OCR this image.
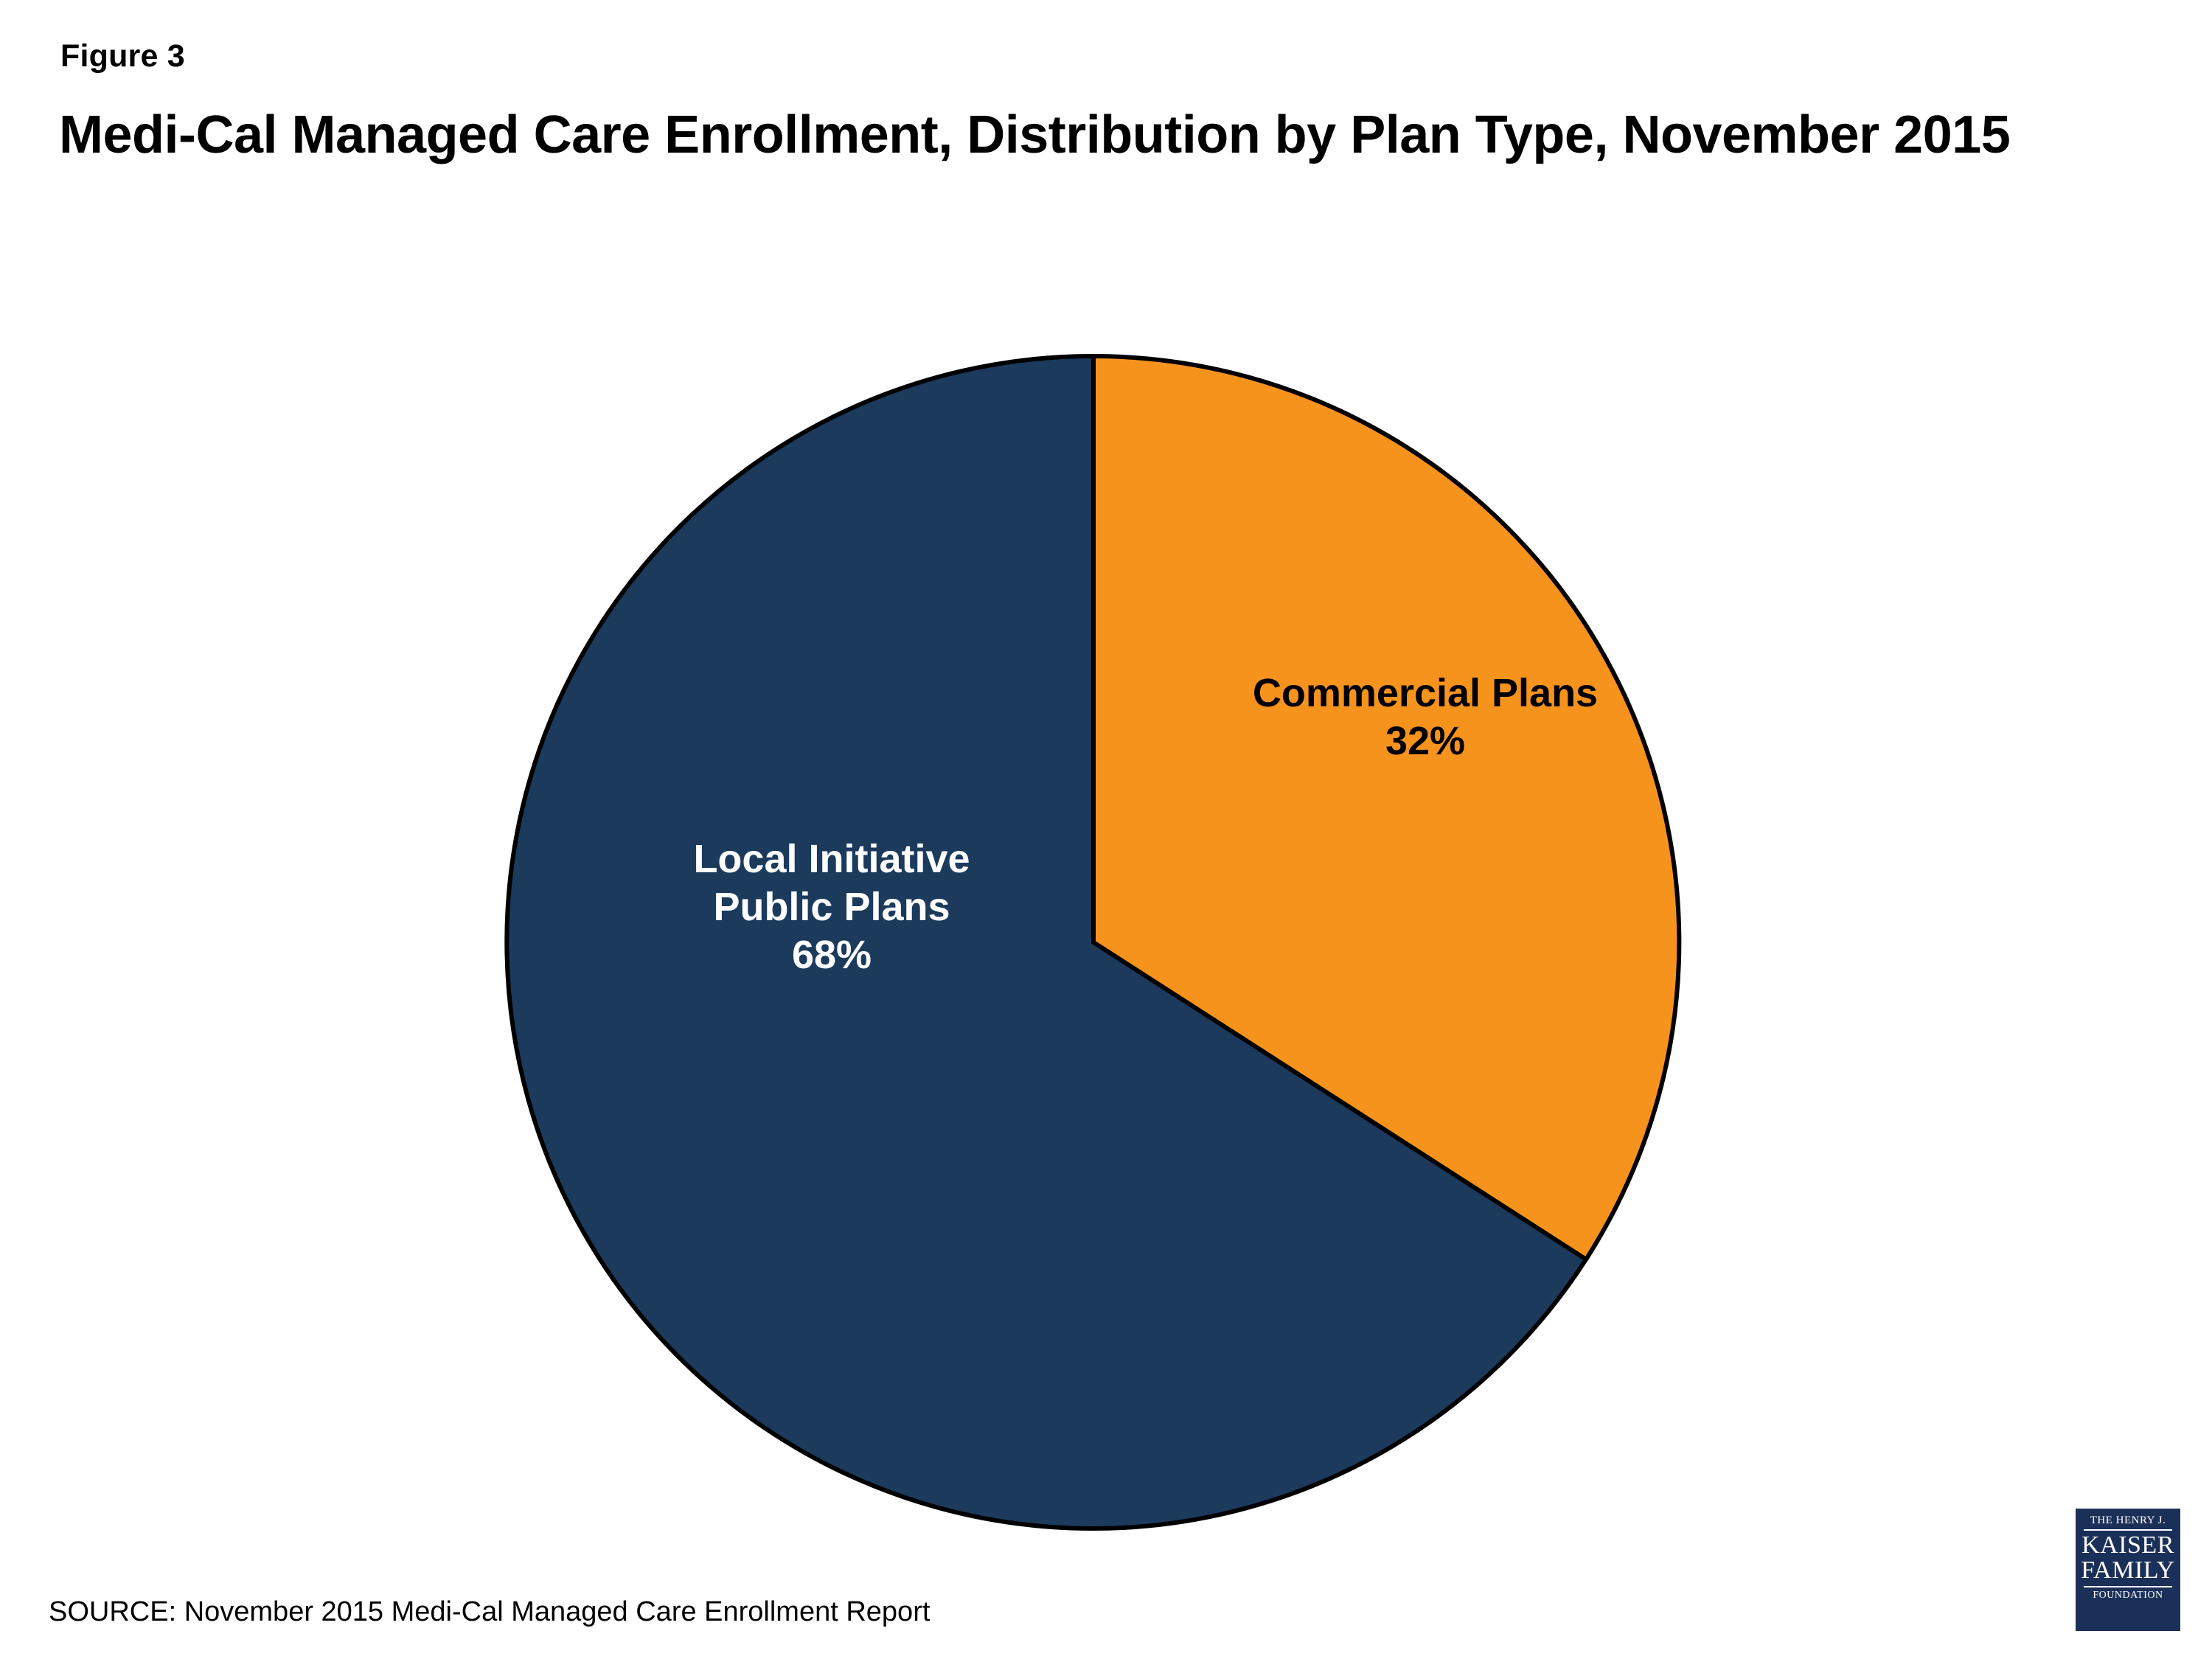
Figure 3
Medi-Cal Managed Care Enrollment, Distribution by Plan Type, November 2015
Commercial Plans
32%
Local Initiative
Public Plans
68%
SOURCE: November 2015 Medi-Cal Managed Care Enrollment Report
THE HENRY J.
KAISER
FAMILY
FOUNDATION
